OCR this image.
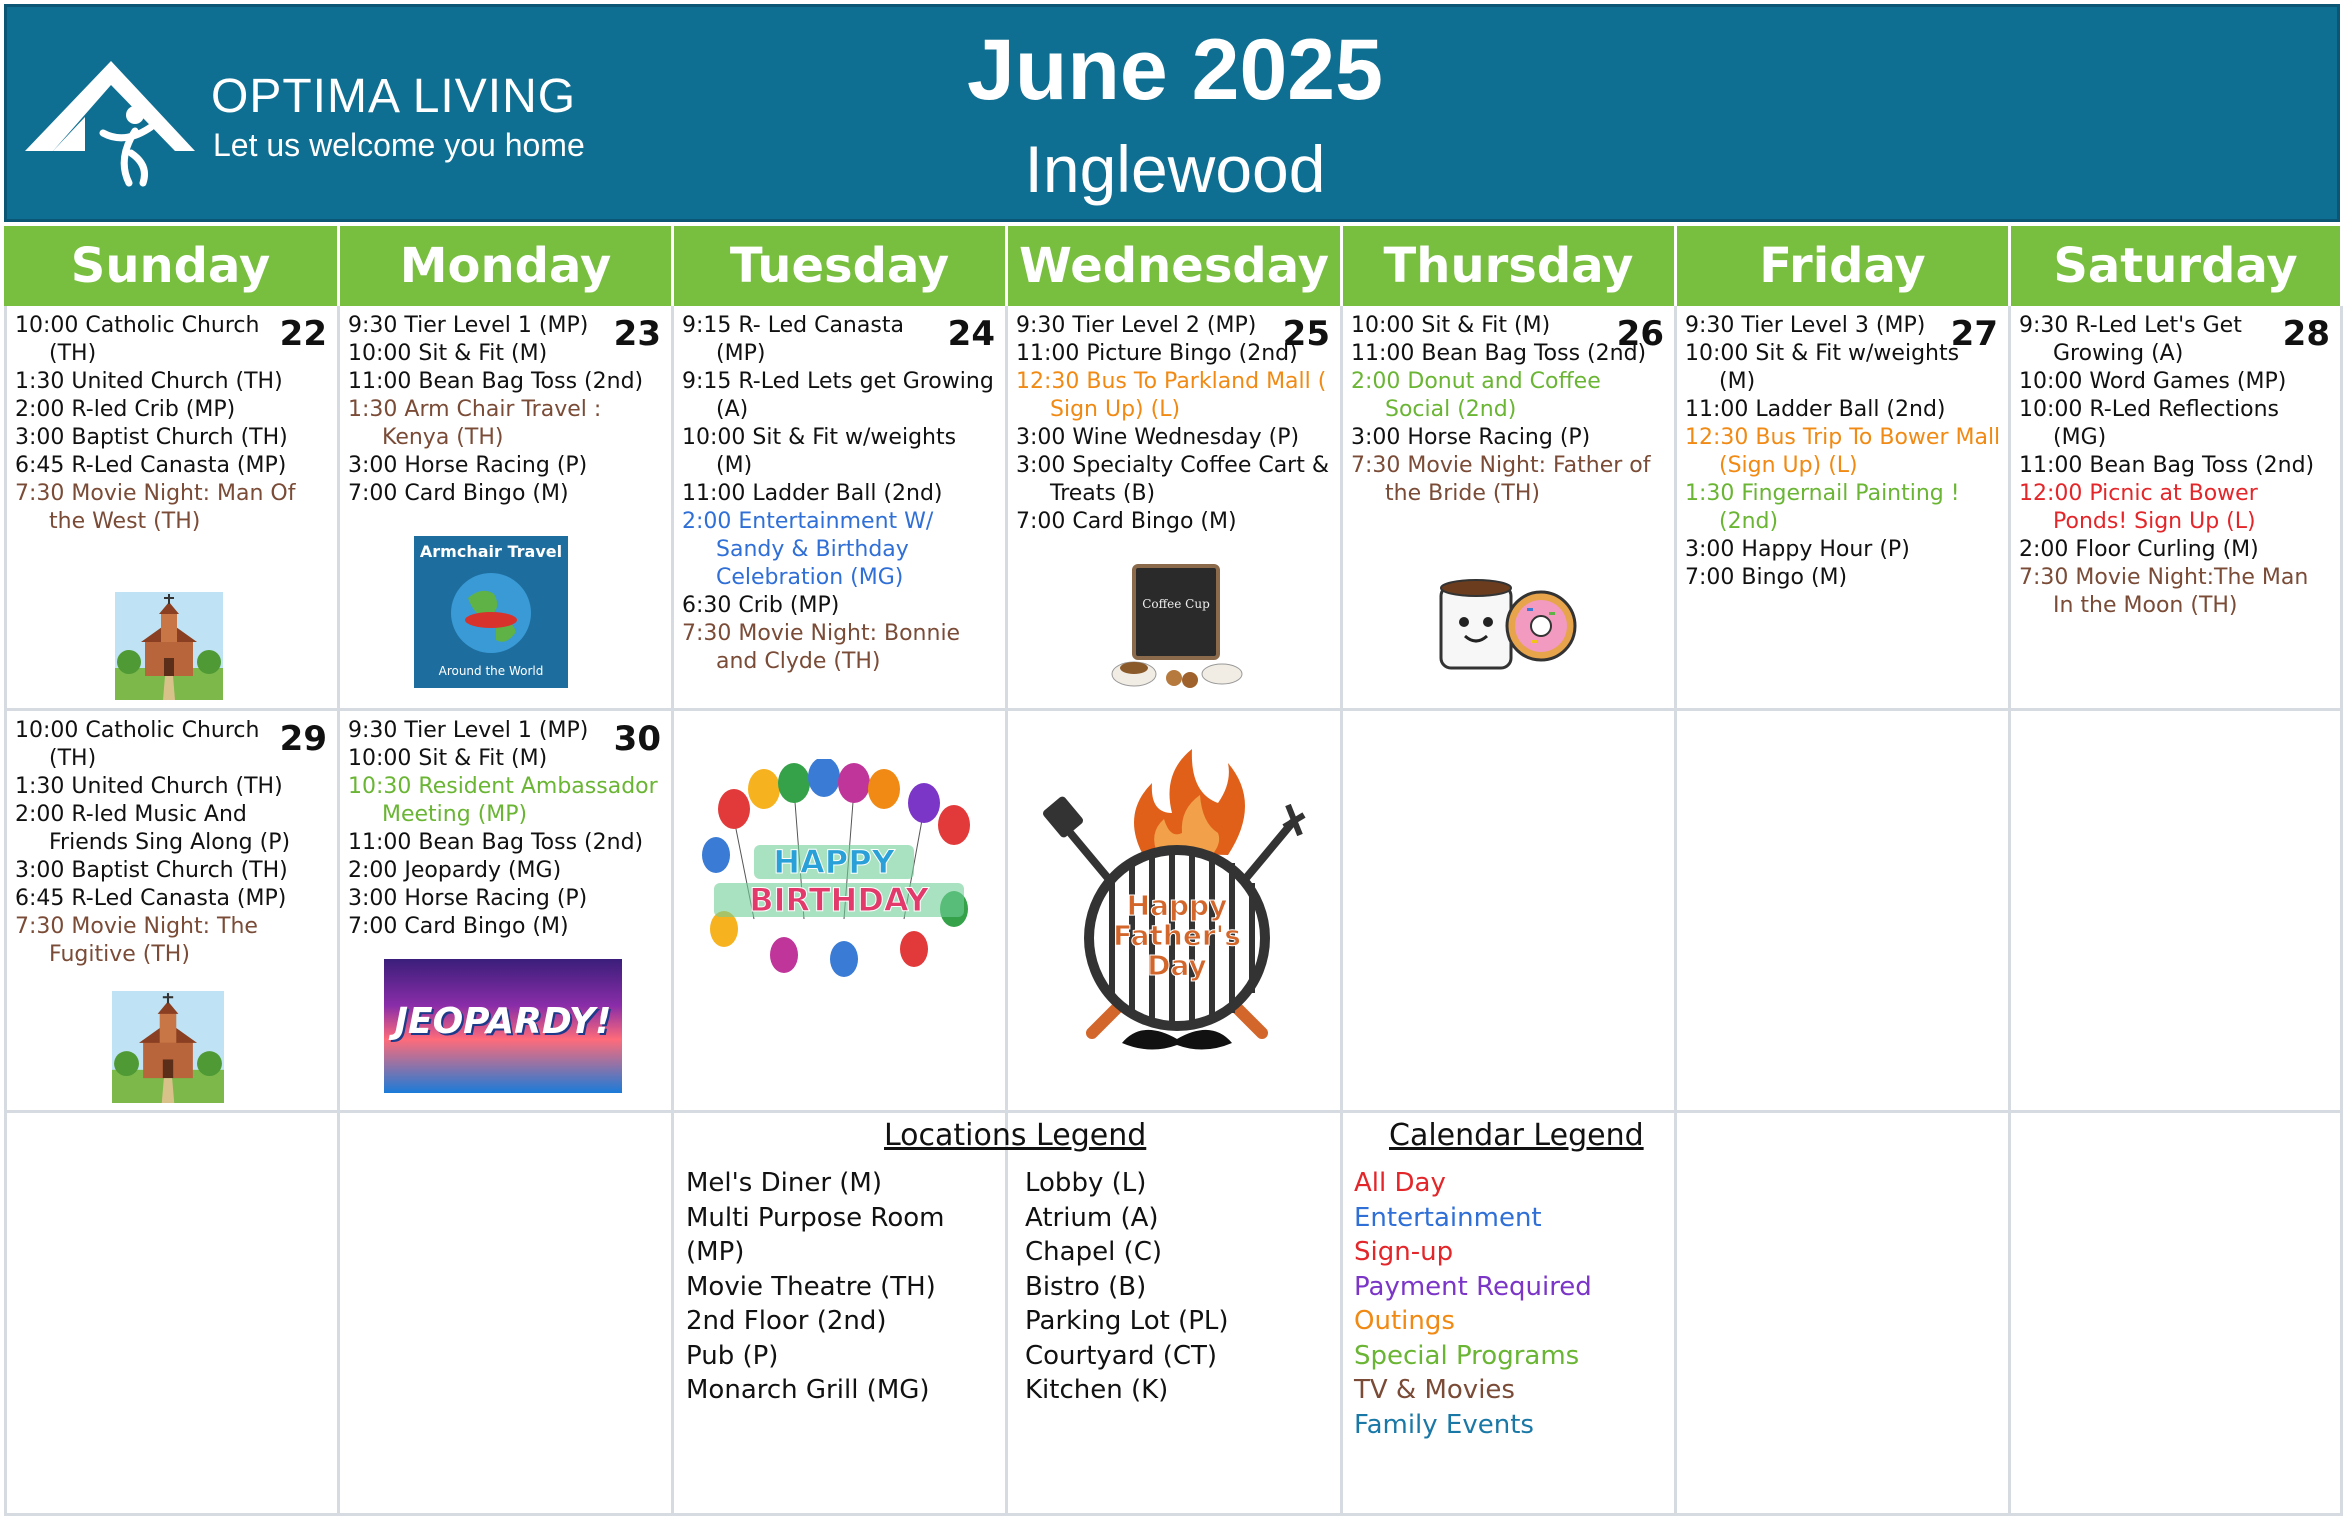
OPTIMA LIVING
Let us welcome you home
June 2025
Inglewood
Sunday	Monday	Tuesday	Wednesday	Thursday	Friday	Saturday
22
10:00 Catholic Church (TH)
1:30 United Church (TH)
2:00 R-led Crib (MP)
3:00 Baptist Church (TH)
6:45 R-Led Canasta (MP)
7:30 Movie Night: Man Of the West (TH)
23
9:30 Tier Level 1 (MP)
10:00 Sit & Fit (M)
11:00 Bean Bag Toss (2nd)
1:30 Arm Chair Travel : Kenya (TH)
3:00 Horse Racing (P)
7:00 Card Bingo (M)
Armchair Travel
Around the World
24
9:15 R- Led Canasta (MP)
9:15 R-Led Lets get Growing (A)
10:00 Sit & Fit w/weights (M)
11:00 Ladder Ball (2nd)
2:00 Entertainment W/ Sandy & Birthday Celebration (MG)
6:30 Crib (MP)
7:30 Movie Night: Bonnie and Clyde (TH)
25
9:30 Tier Level 2 (MP)
11:00 Picture Bingo (2nd)
12:30 Bus To Parkland Mall ( Sign Up) (L)
3:00 Wine Wednesday (P)
3:00 Specialty Coffee Cart & Treats (B)
7:00 Card Bingo (M)
Coffee Cup
26
10:00 Sit & Fit (M)
11:00 Bean Bag Toss (2nd)
2:00 Donut and Coffee Social (2nd)
3:00 Horse Racing (P)
7:30 Movie Night: Father of the Bride (TH)
27
9:30 Tier Level 3 (MP)
10:00 Sit & Fit w/weights (M)
11:00 Ladder Ball (2nd)
12:30 Bus Trip To Bower Mall (Sign Up) (L)
1:30 Fingernail Painting ! (2nd)
3:00 Happy Hour (P)
7:00 Bingo (M)
28
9:30 R-Led Let's Get Growing (A)
10:00 Word Games (MP)
10:00 R-Led Reflections (MG)
11:00 Bean Bag Toss (2nd)
12:00 Picnic at Bower Ponds! Sign Up (L)
2:00 Floor Curling (M)
7:30 Movie Night:The Man In the Moon (TH)
29
10:00 Catholic Church (TH)
1:30 United Church (TH)
2:00 R-led Music And Friends Sing Along (P)
3:00 Baptist Church (TH)
6:45 R-Led Canasta (MP)
7:30 Movie Night: The Fugitive (TH)
30
9:30 Tier Level 1 (MP)
10:00 Sit & Fit (M)
10:30 Resident Ambassador Meeting (MP)
11:00 Bean Bag Toss (2nd)
2:00 Jeopardy (MG)
3:00 Horse Racing (P)
7:00 Card Bingo (M)
JEOPARDY!
HAPPY
BIRTHDAY	Happy
Father's
Day
Locations Legend
Mel's Diner (M)
Multi Purpose Room (MP)
Movie Theatre (TH)
2nd Floor (2nd)
Pub (P)
Monarch Grill (MG)
Lobby (L)
Atrium (A)
Chapel (C)
Bistro (B)
Parking Lot (PL)
Courtyard (CT)
Kitchen (K)
Calendar Legend
All Day
Entertainment
Sign-up
Payment Required
Outings
Special Programs
TV & Movies
Family Events
